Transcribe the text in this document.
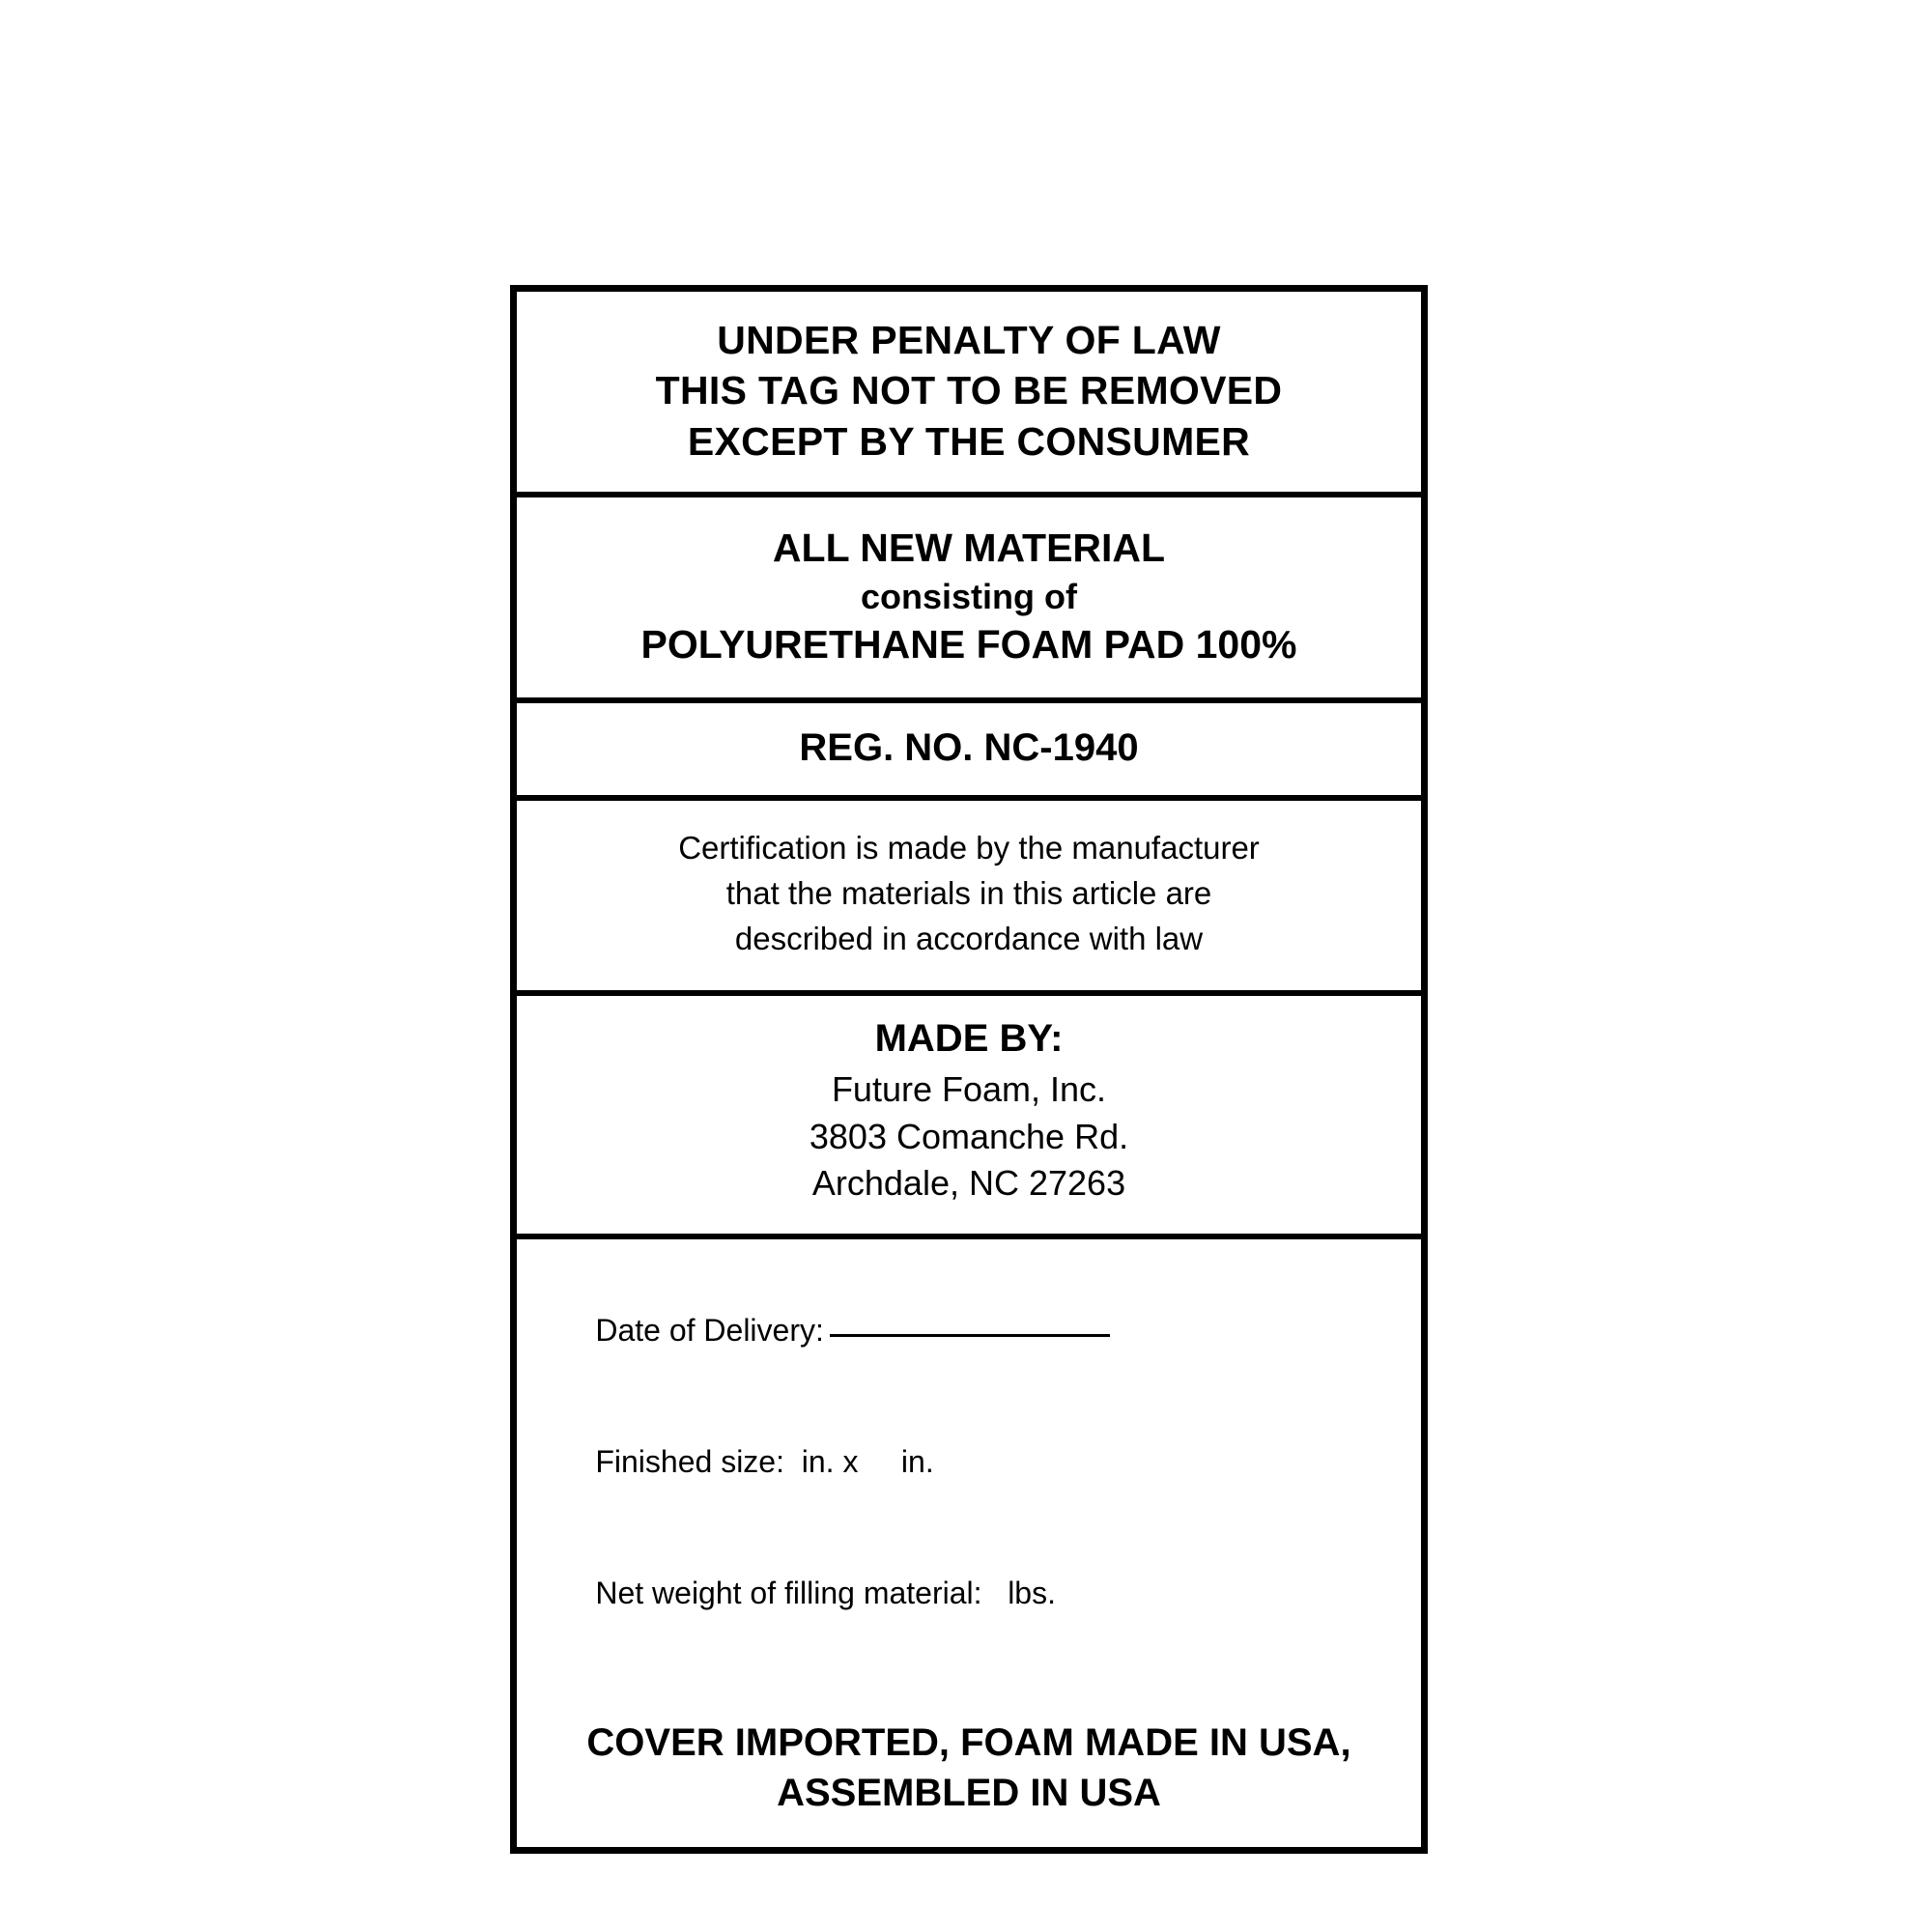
UNDER PENALTY OF LAW
THIS TAG NOT TO BE REMOVED
EXCEPT BY THE CONSUMER
ALL NEW MATERIAL
consisting of
POLYURETHANE FOAM PAD 100%
REG. NO. NC-1940
Certification is made by the manufacturer
that the materials in this article are
described in accordance with law
MADE BY:
Future Foam, Inc.
3803 Comanche Rd.
Archdale, NC 27263

Date of Delivery:

Finished size:  in. x     in.

Net weight of filling material:   lbs.

COVER IMPORTED, FOAM MADE IN USA,
ASSEMBLED IN USA
